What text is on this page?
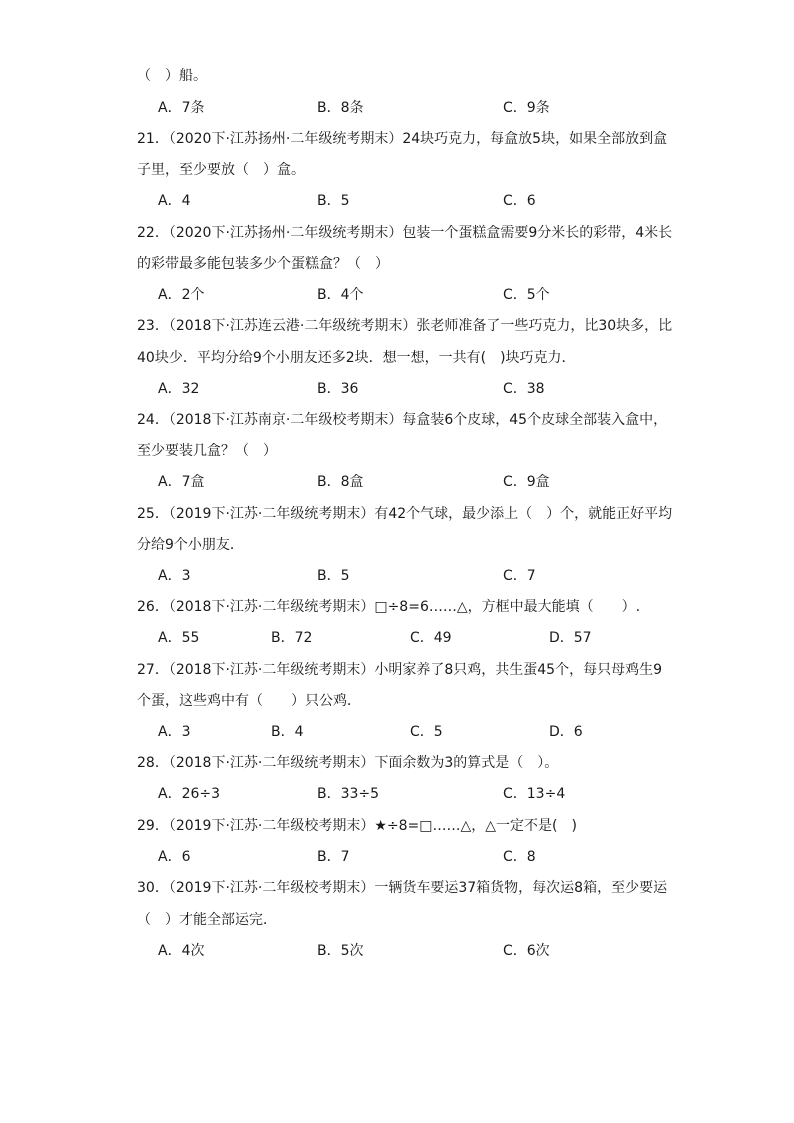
（　）船。
A．7条	B．8条	C．9条
21．（2020下·江苏扬州·二年级统考期末）24块巧克力，每盒放5块，如果全部放到盒
子里，至少要放（　）盒。
A．4	B．5	C．6
22．（2020下·江苏扬州·二年级统考期末）包装一个蛋糕盒需要9分米长的彩带，4米长
的彩带最多能包装多少个蛋糕盒？（　）
A．2个	B．4个	C．5个
23．（2018下·江苏连云港·二年级统考期末）张老师准备了一些巧克力，比30块多，比
40块少．平均分给9个小朋友还多2块．想一想，一共有(　)块巧克力．
A．32	B．36	C．38
24．（2018下·江苏南京·二年级校考期末）每盒装6个皮球，45个皮球全部装入盒中，
至少要装几盒？（　）
A．7盒	B．8盒	C．9盒
25．（2019下·江苏·二年级统考期末）有42个气球，最少添上（　）个，就能正好平均
分给9个小朋友．
A．3	B．5	C．7
26．（2018下·江苏·二年级统考期末）□÷8=6……△，方框中最大能填（　　）.
A．55	B．72	C．49	D．57
27．（2018下·江苏·二年级统考期末）小明家养了8只鸡，共生蛋45个，每只母鸡生9
个蛋，这些鸡中有（　　）只公鸡．
A．3	B．4	C．5	D．6
28．（2018下·江苏·二年级统考期末）下面余数为3的算式是（　）。
A．26÷3	B．33÷5	C．13÷4
29．（2019下·江苏·二年级校考期末）★÷8=□……△，△一定不是(　)
A．6	B．7	C．8
30．（2019下·江苏·二年级校考期末）一辆货车要运37箱货物，每次运8箱，至少要运
（　）才能全部运完．
A．4次	B．5次	C．6次
